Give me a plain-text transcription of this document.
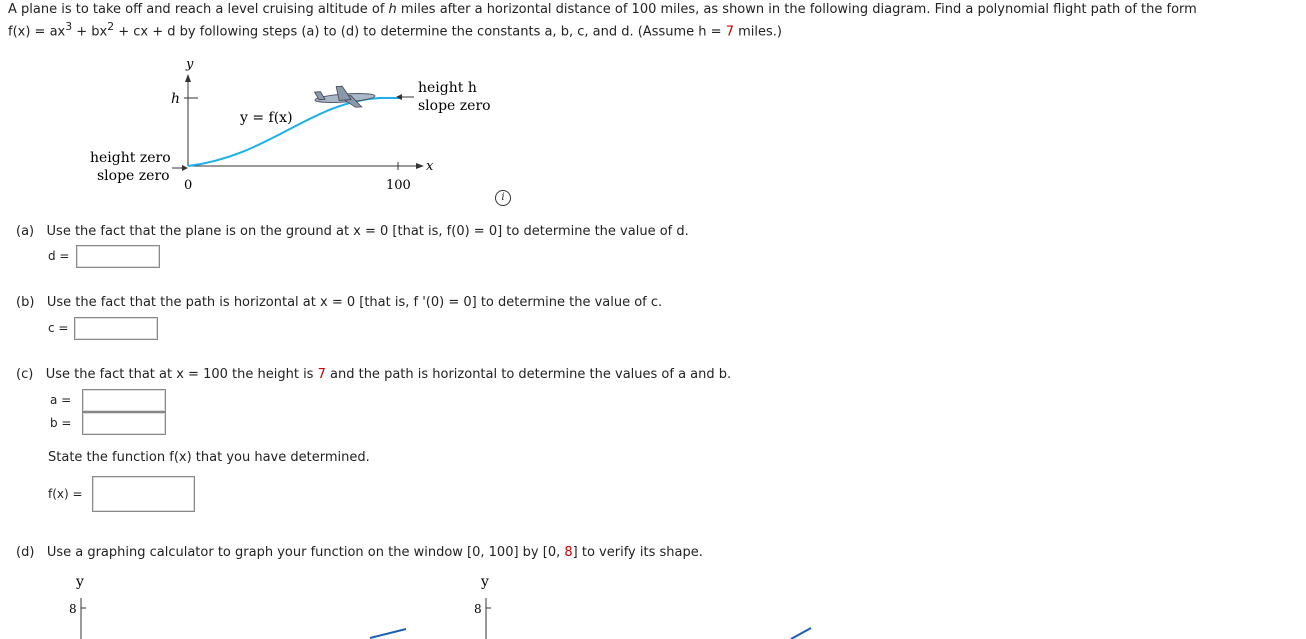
A plane is to take off and reach a level cruising altitude of h miles after a horizontal distance of 100 miles, as shown in the following diagram. Find a polynomial flight path of the form
$f(x) = ax^3 + bx^2$ + cx + d by following steps (a) to (d) to determine the constants a, b, c, and d. (Assume h = 7 miles.)
y
h
x
0	100
y = f(x)
height h
slope zero
height zero
slope zero
i
(a) Use the fact that the plane is on the ground at x = 0 [that is, f(0) = 0] to determine the value of d.
d =
(b) Use the fact that the path is horizontal at x = 0 [that is, f '(0) = 0] to determine the value of c.
c =
(c) Use the fact that at x = 100 the height is 7 and the path is horizontal to determine the values of a and b.
a =
b =
State the function f(x) that you have determined.
f(x) =
(d) Use a graphing calculator to graph your function on the window [0, 100] by [0, 8] to verify its shape.
y
8
y
8
